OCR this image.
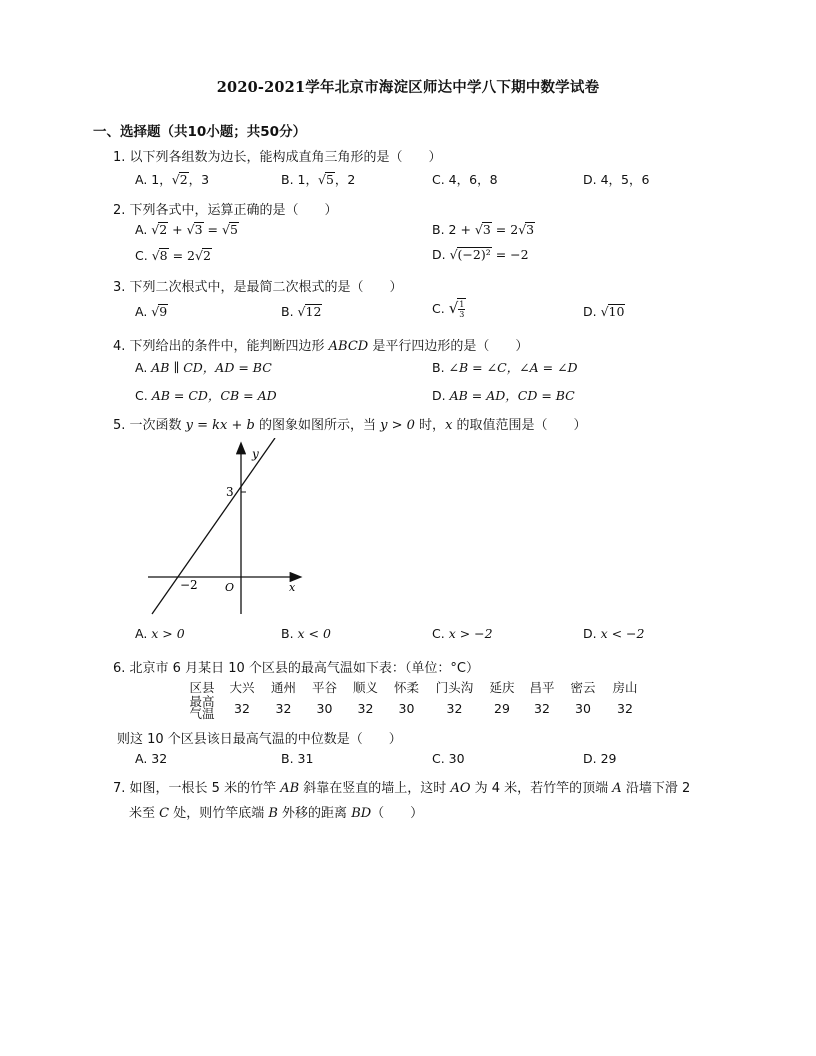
2020-2021学年北京市海淀区师达中学八下期中数学试卷
一、选择题（共10小题；共50分）
1. 以下列各组数为边长，能构成直角三角形的是（　　）
A. 1，√2，3	B. 1，√5，2	C. 4，6，8	D. 4，5，6
2. 下列各式中，运算正确的是（　　）
A. √2 + √3 = √5	B. 2 + √3 = 2√3
C. √8 = 2√2	D. √(−2)² = −2
3. 下列二次根式中，是最简二次根式的是（　　）
A. √9	B. √12	C. √ $\frac{1}{3}$	D. √10
4. 下列给出的条件中，能判断四边形 ABCD 是平行四边形的是（　　）
A. AB ∥ CD，AD = BC	B. ∠B = ∠C，∠A = ∠D
C. AB = CD，CB = AD	D. AB = AD，CD = BC
5. 一次函数 y = kx + b 的图象如图所示，当 y > 0 时，x 的取值范围是（　　）
y
x
O
3
−2
A. x > 0	B. x < 0	C. x > −2	D. x < −2
6. 北京市 6 月某日 10 个区县的最高气温如下表：（单位：°C）
区县	大兴	通州	平谷	顺义	怀柔	门头沟	延庆	昌平	密云	房山
最高
气温	32	32	30	32	30	32	29	32	30	32
则这 10 个区县该日最高气温的中位数是（　　）
A. 32	B. 31	C. 30	D. 29
7. 如图，一根长 5 米的竹竿 AB 斜靠在竖直的墙上，这时 AO 为 4 米，若竹竿的顶端 A 沿墙下滑 2
米至 C 处，则竹竿底端 B 外移的距离 BD（　　）
